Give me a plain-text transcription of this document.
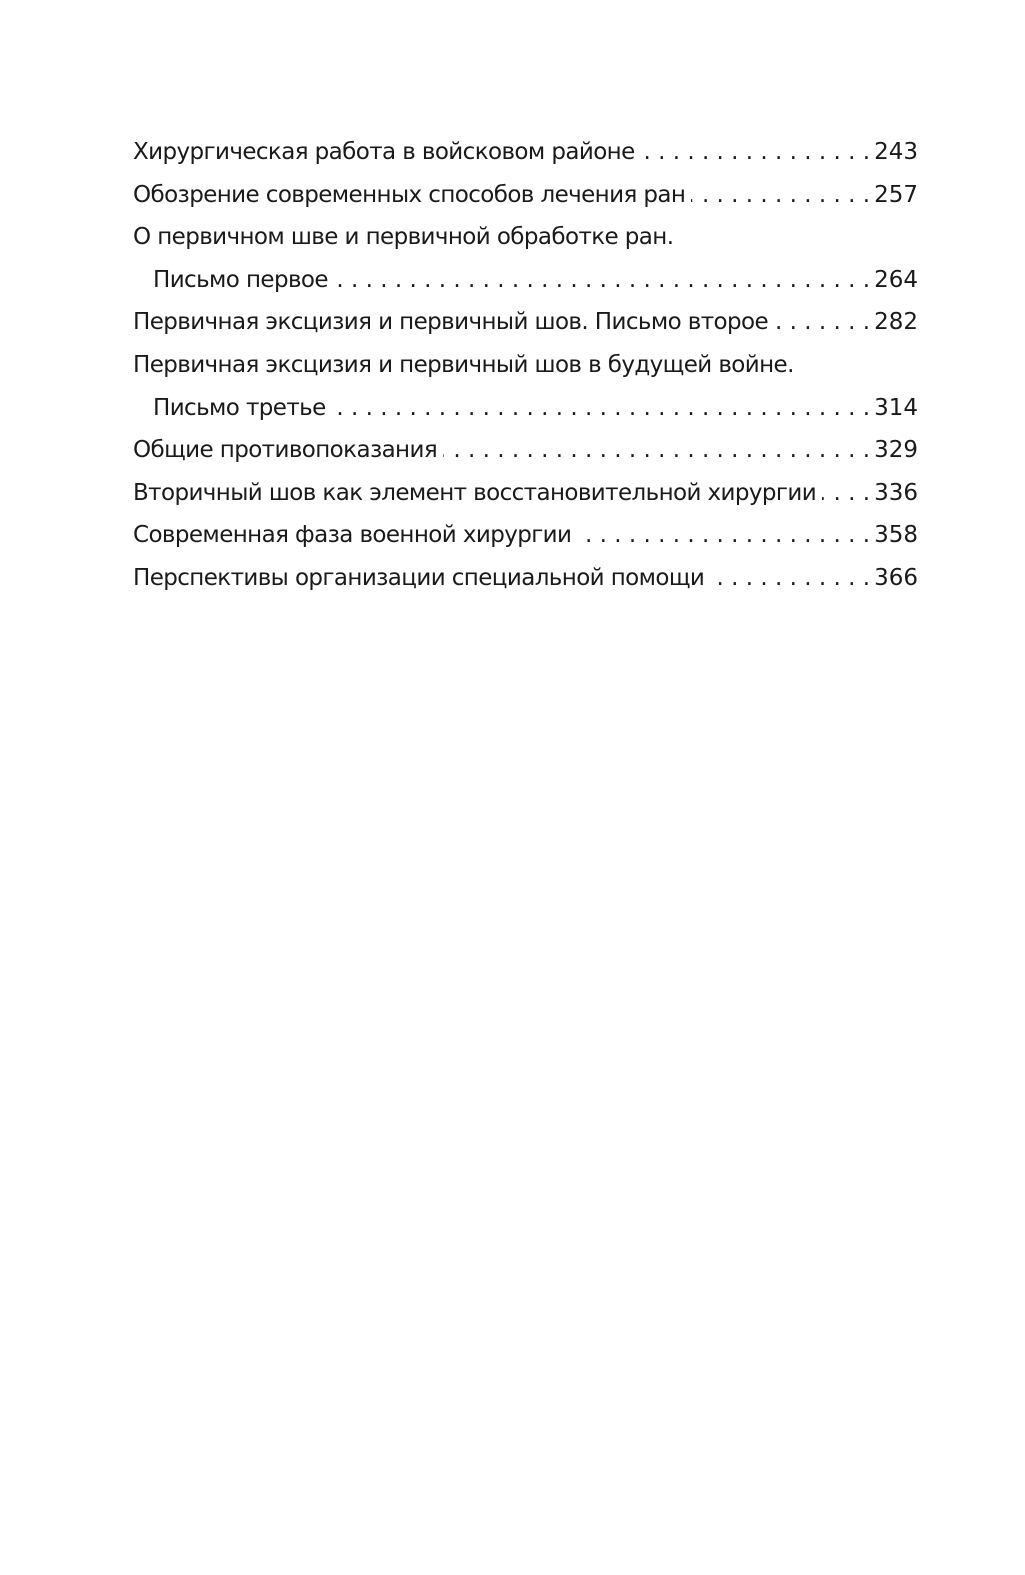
Хирургическая работа в войсковом районе . . .	243
Обозрение современных способов лечения ран . . .	257
О первичном шве и первичной обработке ран.
Письмо первое . . .	264
Первичная эксцизия и первичный шов. Письмо второе . . .	282
Первичная эксцизия и первичный шов в будущей войне.
Письмо третье . . .	314
Общие противопоказания . . .	329
Вторичный шов как элемент восстановительной хирургии . . .	336
Современная фаза военной хирургии . . .	358
Перспективы организации специальной помощи . . .	366
